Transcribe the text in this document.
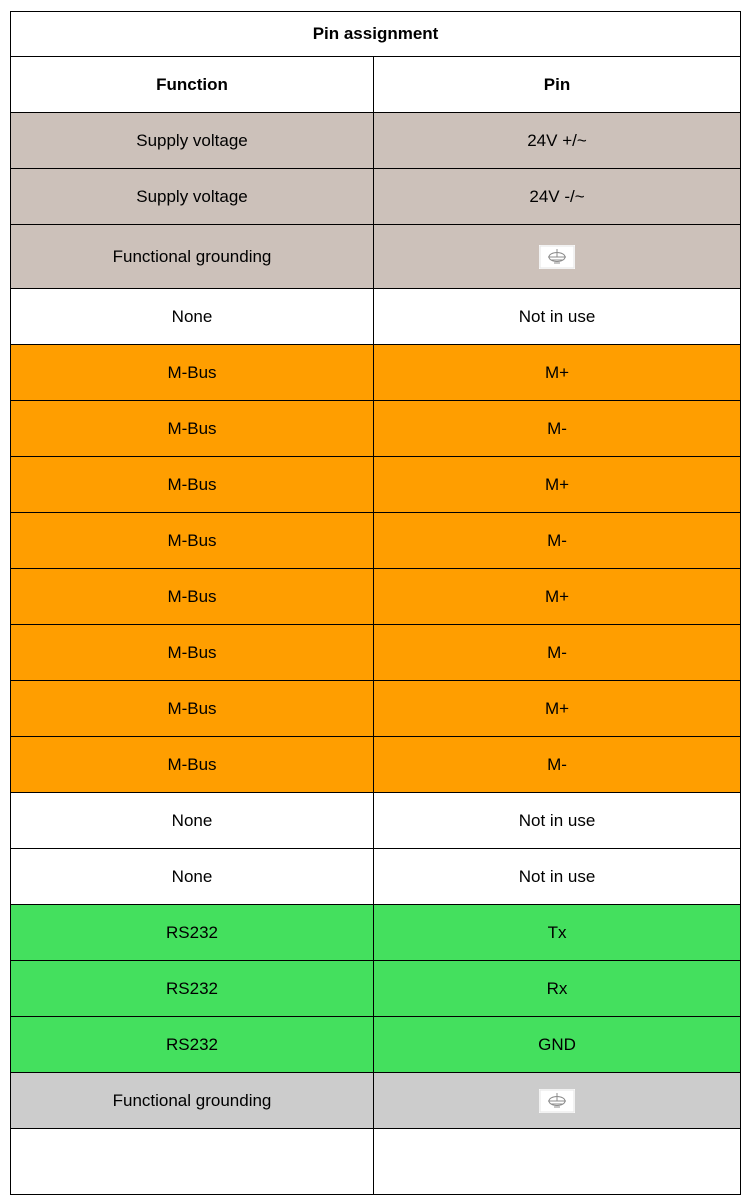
Pin assignment	
Function	Pin
Supply voltage	24V +/~
Supply voltage	24V -/~
Functional grounding	

None	Not in use
M-Bus	M+
M-Bus	M-
M-Bus	M+
M-Bus	M-
M-Bus	M+
M-Bus	M-
M-Bus	M+
M-Bus	M-
None	Not in use
None	Not in use
RS232	Tx
RS232	Rx
RS232	GND
Functional grounding	
